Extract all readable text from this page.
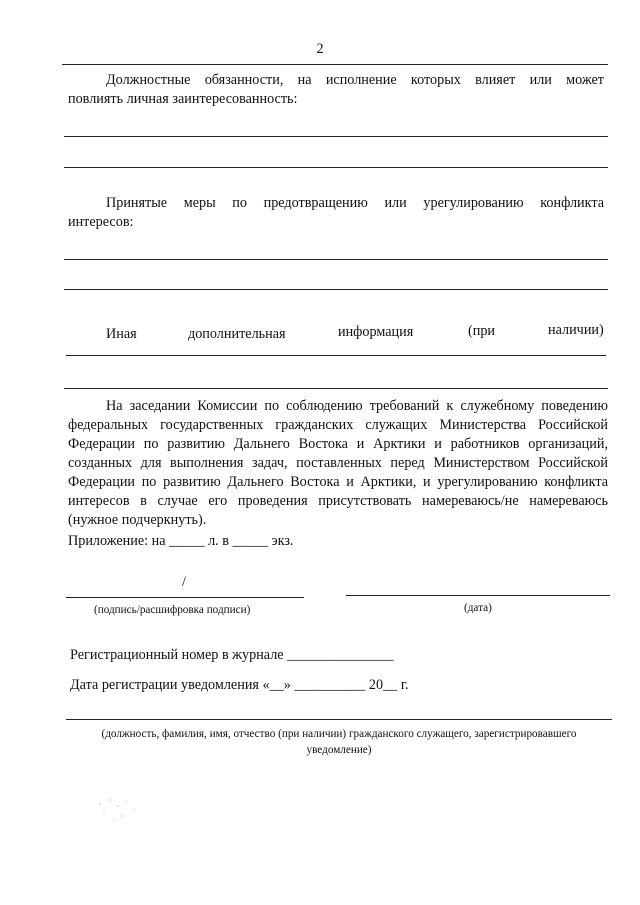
2
Должностные обязанности, на исполнение которых влияет или может
повлиять личная заинтересованность:
Принятые меры по предотвращению или урегулированию конфликта
интересов:
Иная	дополнительная	информация	(при	наличии)
На заседании Комиссии по соблюдению требований к служебному поведению
федеральных государственных гражданских служащих Министерства Российской
Федерации по развитию Дальнего Востока и Арктики и работников организаций,
созданных для выполнения задач, поставленных перед Министерством Российской
Федерации по развитию Дальнего Востока и Арктики, и урегулированию конфликта
интересов в случае его проведения присутствовать намереваюсь/не намереваюсь
(нужное подчеркнуть).
Приложение: на _____ л. в _____ экз.
/
(подпись/расшифровка подписи)	(дата)
Регистрационный номер в журнале _______________
Дата регистрации уведомления «__» __________ 20__ г.
(должность, фамилия, имя, отчество (при наличии) гражданского служащего, зарегистрировавшего
уведомление)
